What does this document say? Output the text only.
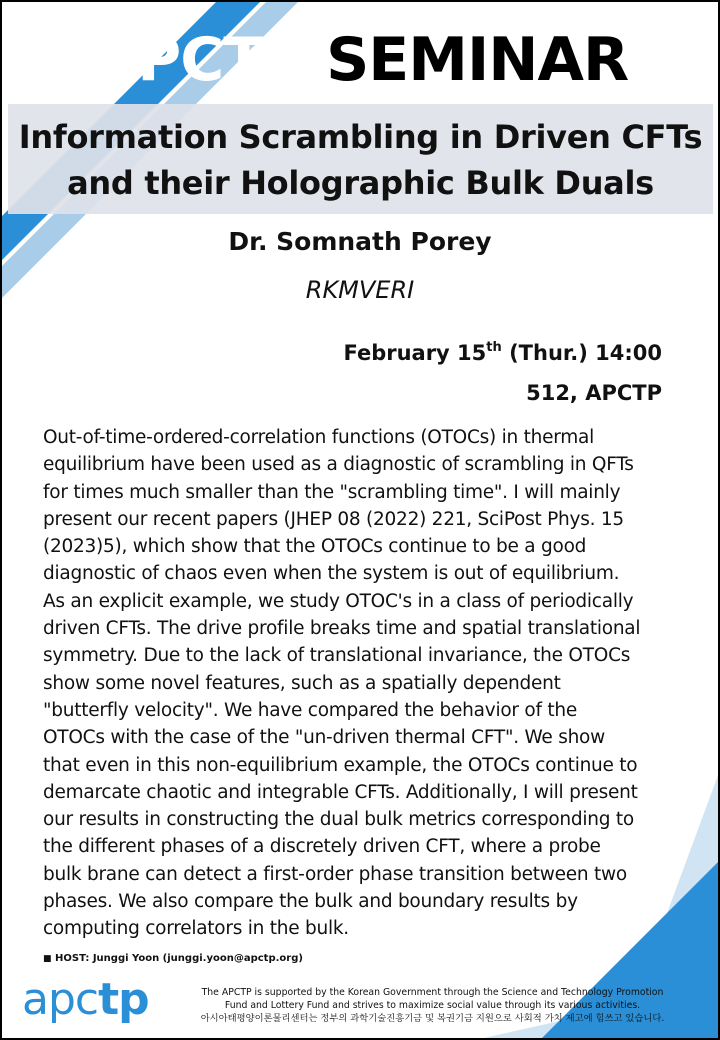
APCTP SEMINAR
Information Scrambling in Driven CFTs
and their Holographic Bulk Duals
Dr. Somnath Porey
RKMVERI
February 15th (Thur.) 14:00
512, APCTP
Out-of-time-ordered-correlation functions (OTOCs) in thermal
equilibrium have been used as a diagnostic of scrambling in QFTs
for times much smaller than the "scrambling time". I will mainly
present our recent papers (JHEP 08 (2022) 221, SciPost Phys. 15
(2023)5), which show that the OTOCs continue to be a good
diagnostic of chaos even when the system is out of equilibrium.
As an explicit example, we study OTOC's in a class of periodically
driven CFTs. The drive profile breaks time and spatial translational
symmetry. Due to the lack of translational invariance, the OTOCs
show some novel features, such as a spatially dependent
"butterfly velocity". We have compared the behavior of the
OTOCs with the case of the "un-driven thermal CFT". We show
that even in this non-equilibrium example, the OTOCs continue to
demarcate chaotic and integrable CFTs. Additionally, I will present
our results in constructing the dual bulk metrics corresponding to
the different phases of a discretely driven CFT, where a probe
bulk brane can detect a first-order phase transition between two
phases. We also compare the bulk and boundary results by
computing correlators in the bulk.
■ HOST: Junggi Yoon (junggi.yoon@apctp.org)
apctp	The APCTP is supported by the Korean Government through the Science and Technology Promotion
Fund and Lottery Fund and strives to maximize social value through its various activities.
아시아태평양이론물리센터는 정부의 과학기술진흥기금 및 복권기금 지원으로 사회적 가치 제고에 힘쓰고 있습니다.
